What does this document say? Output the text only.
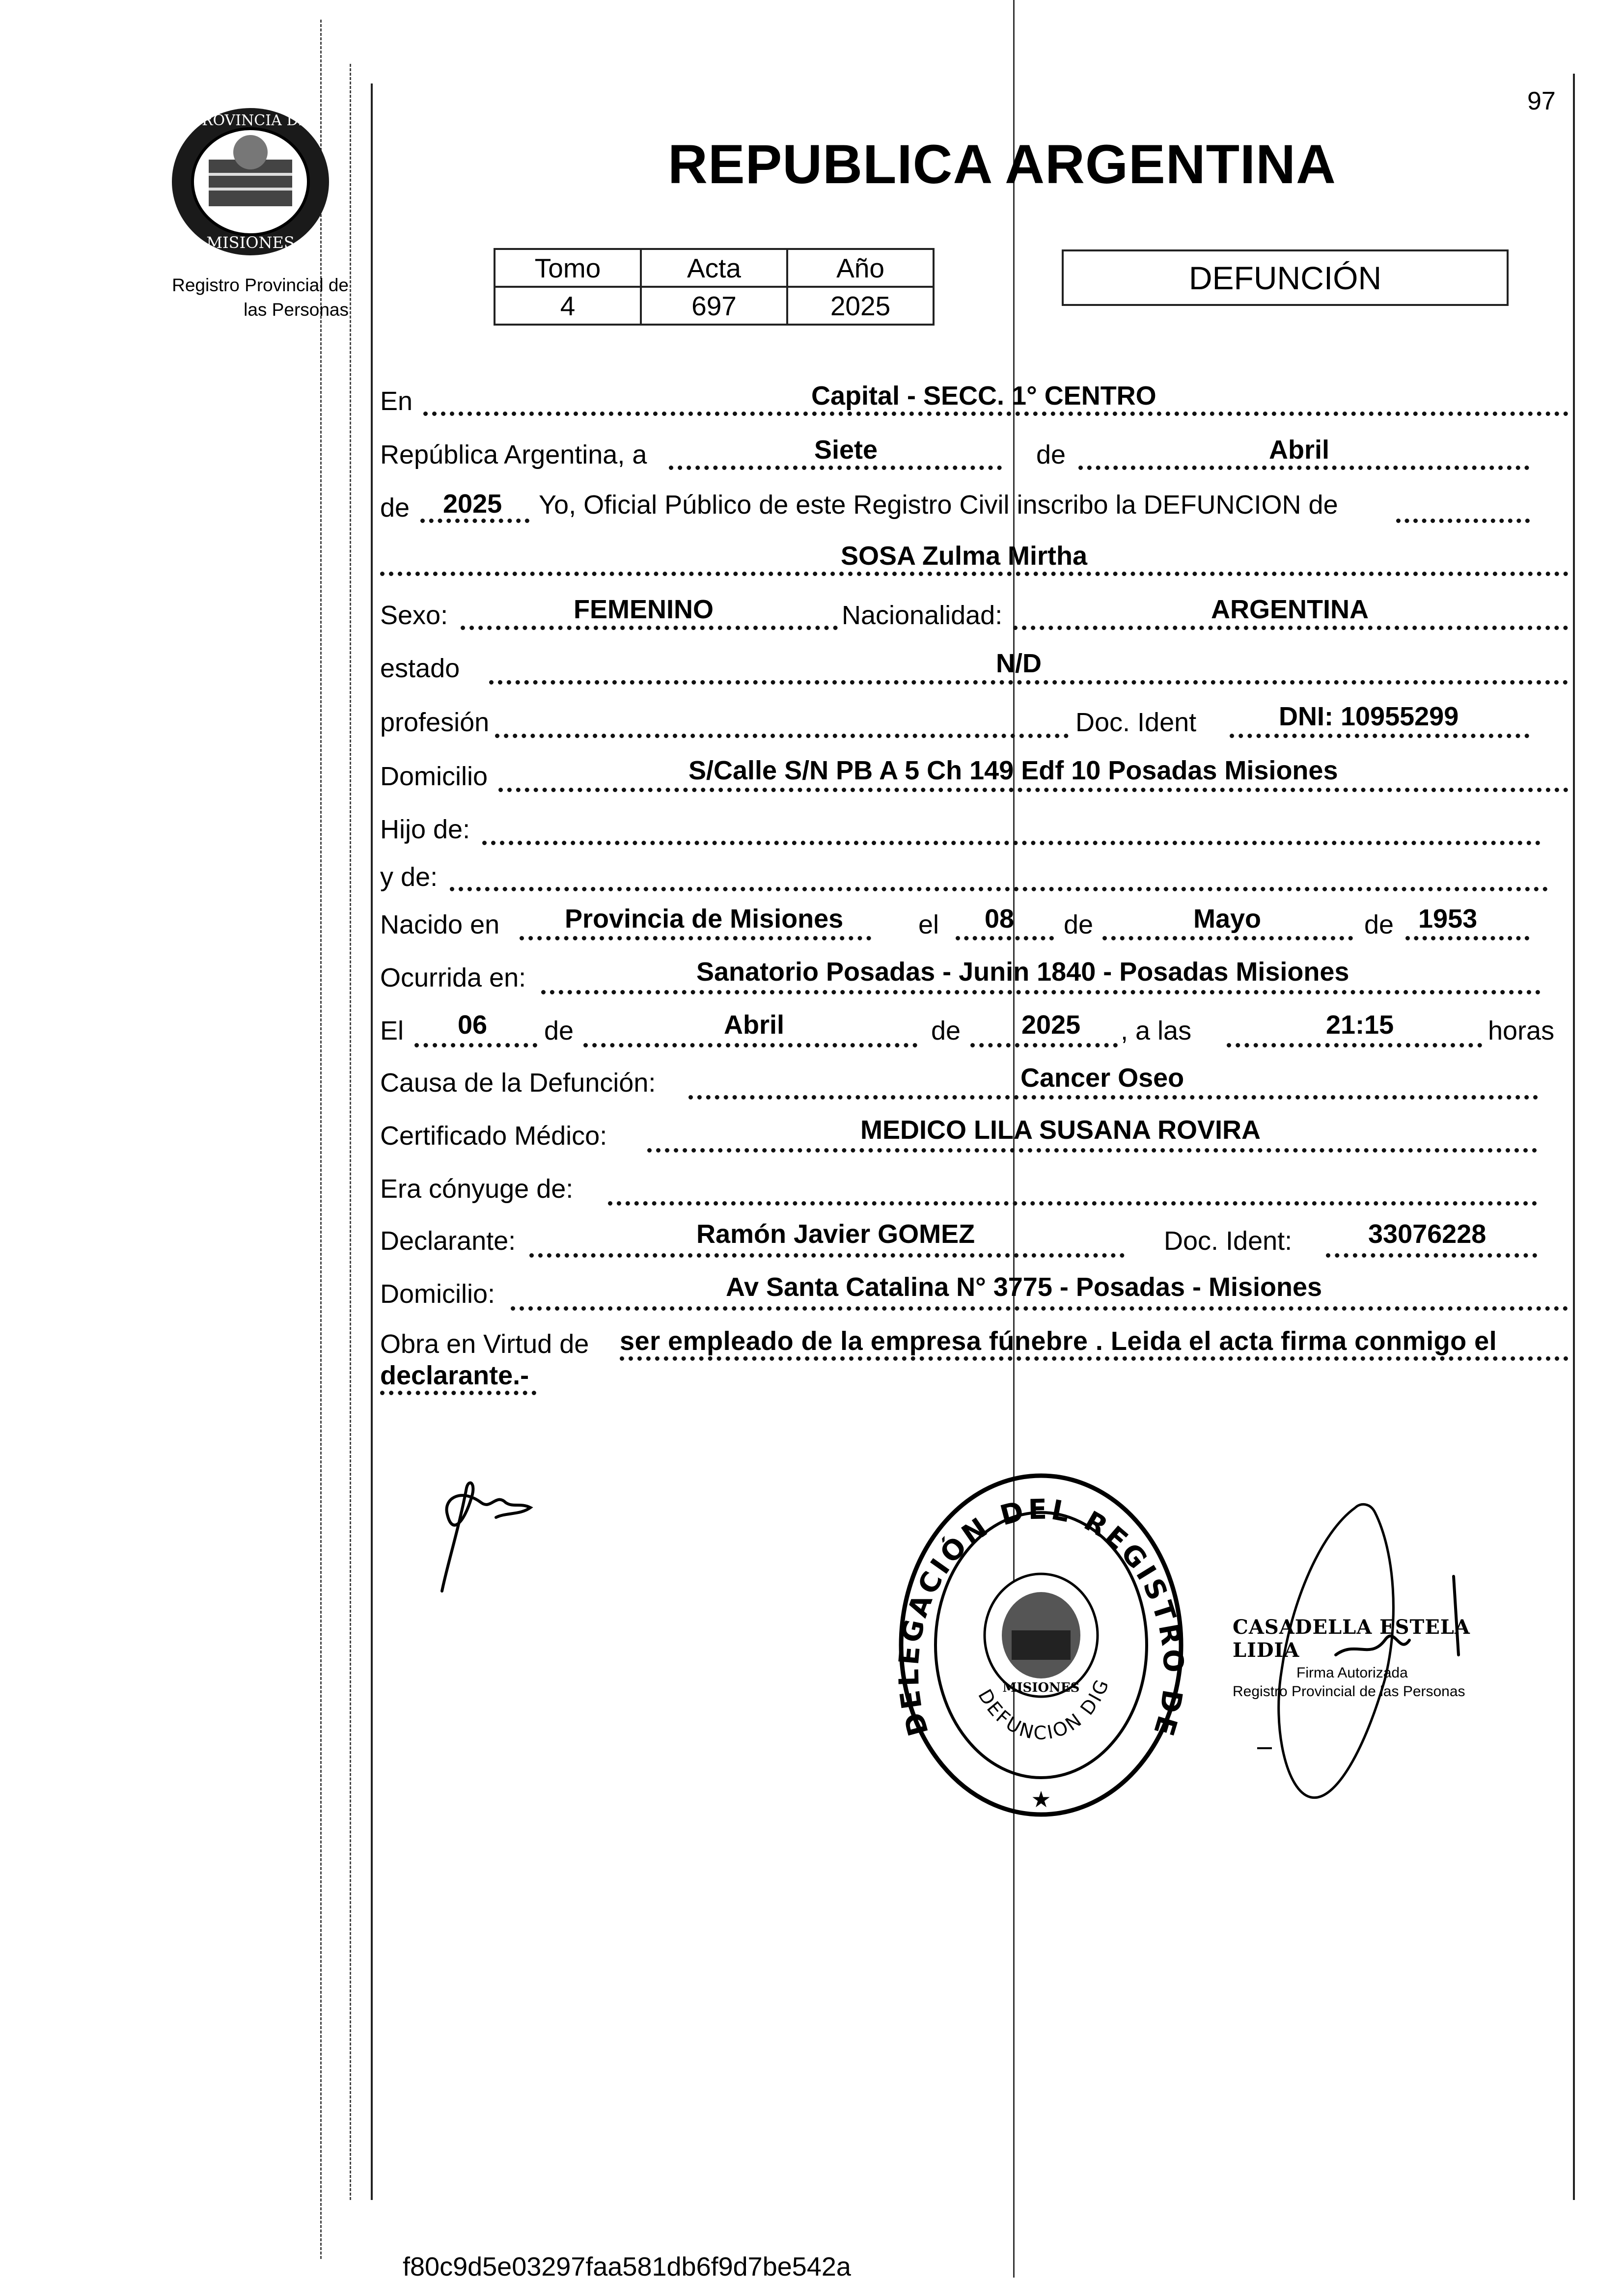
97
PROVINCIA DE
MISIONES
Registro Provincial de
las Personas
REPUBLICA ARGENTINA
Tomo	Acta	Año
4	697	2025
DEFUNCIÓN
En	Capital - SECC. 1° CENTRO
República Argentina, a	Siete	de	Abril
de 2025 Yo, Oficial Público de este Registro Civil inscribo la DEFUNCION de
SOSA Zulma Mirtha
Sexo:	FEMENINO	Nacionalidad:	ARGENTINA
estado	N/D
profesión	Doc. Ident	DNI: 10955299
Domicilio	S/Calle S/N PB A 5 Ch 149 Edf 10 Posadas Misiones
Hijo de:
y de:
Nacido en Provincia de Misiones	el 08 de	Mayo	de 1953
Ocurrida en:	Sanatorio Posadas - Junin 1840 - Posadas Misiones
El 06 de	Abril	de 2025 , a las	21:15	horas
Causa de la Defunción:	Cancer Oseo
Certificado Médico:	MEDICO LILA SUSANA ROVIRA
Era cónyuge de:
Declarante:	Ramón Javier GOMEZ	Doc. Ident:	33076228
Domicilio:	Av Santa Catalina N° 3775 - Posadas - Misiones
Obra en Virtud de ser empleado de la empresa fúnebre . Leida el acta firma conmigo el
declarante.-
DELEGACIÓN DEL REGISTRO DE
MISIONES
DEFUNCION DIG
★
CASADELLA ESTELA LIDIA
Firma Autorizada
Registro Provincial de las Personas
f80c9d5e03297faa581db6f9d7be542a
